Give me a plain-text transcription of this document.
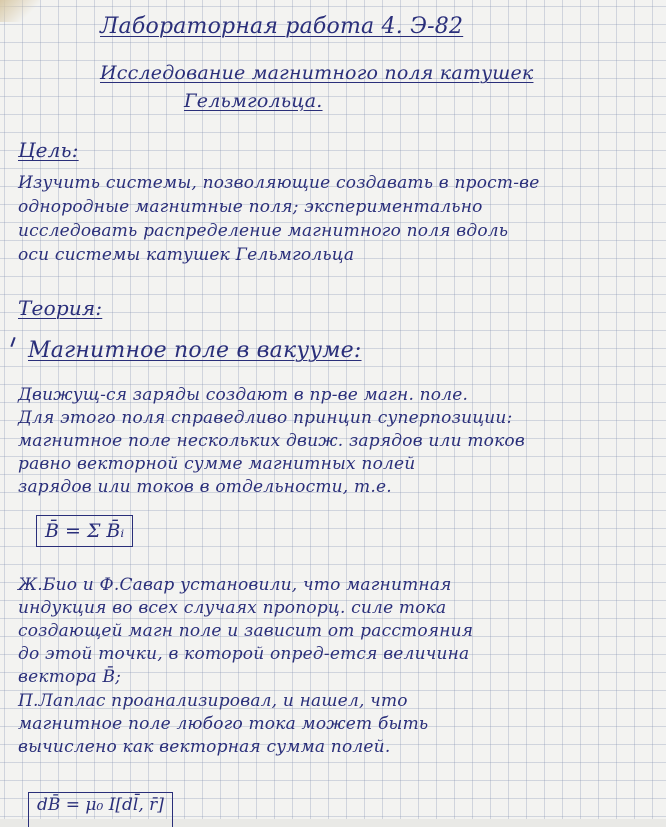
Лабораторная работа 4. Э-82

Исследование магнитного поля катушек

Гельмгольца.

Цель:

Изучить системы, позволяющие создавать в прост-ве

однородные магнитные поля; экспериментально

исследовать распределение магнитного поля вдоль

оси системы катушек Гельмгольца

Теория:

Магнитное поле в вакууме:

Движущ-ся заряды создают в пр-ве магн. поле.

Для этого поля справедливо принцип суперпозиции:

магнитное поле нескольких движ. зарядов или токов

равно векторной сумме магнитных полей

зарядов или токов в отдельности, т.е.

B̄ = Σ B̄ᵢ

Ж.Био и Ф.Савар установили, что магнитная

индукция во всех случаях пропорц. силе тока

создающей магн поле и зависит от расстояния

до этой точки, в которой опред-ется величина

вектора B̄;

П.Лаплас проанализировал, и нашел, что

магнитное поле любого тока может быть

вычислено как векторная сумма полей.

dB̄ = μ₀ I[dl̄, r̄]
